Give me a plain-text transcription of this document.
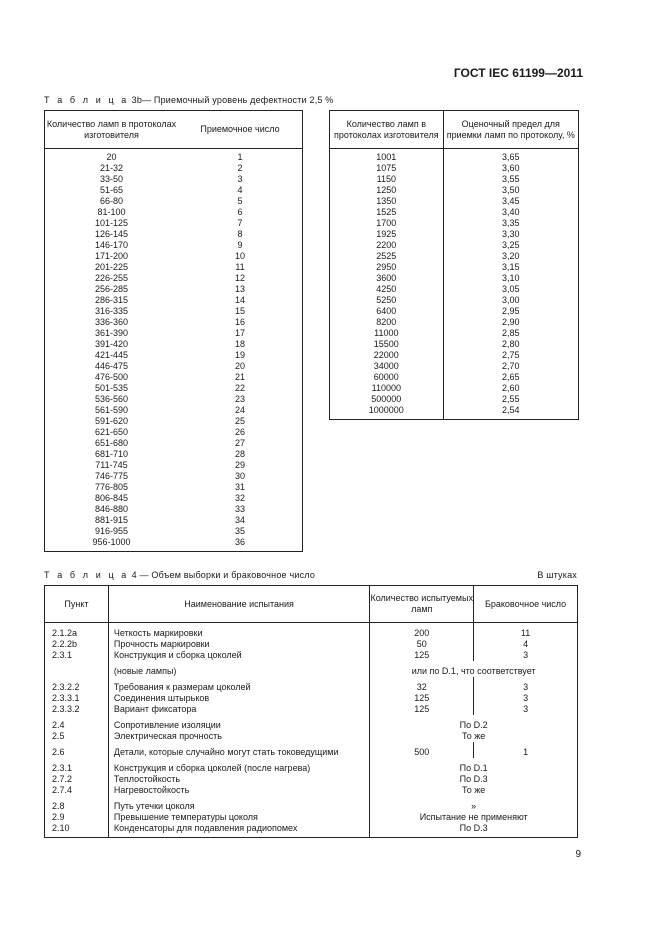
ГОСТ IEC 61199—2011
Т а б л и ц а 3b— Приемочный уровень дефектности 2,5 %
Количество ламп в протоколах изготовителя	Приемочное число
20	1
21-32	2
33-50	3
51-65	4
66-80	5
81-100	6
101-125	7
126-145	8
146-170	9
171-200	10
201-225	11
226-255	12
256-285	13
286-315	14
316-335	15
336-360	16
361-390	17
391-420	18
421-445	19
446-475	20
476-500	21
501-535	22
536-560	23
561-590	24
591-620	25
621-650	26
651-680	27
681-710	28
711-745	29
746-775	30
776-805	31
806-845	32
846-880	33
881-915	34
916-955	35
956-1000	36
Количество ламп в протоколах изготовителя	Оценочный предел для приемки ламп по протоколу, %
1001	3,65
1075	3,60
1150	3,55
1250	3,50
1350	3,45
1525	3,40
1700	3,35
1925	3,30
2200	3,25
2525	3,20
2950	3,15
3600	3,10
4250	3,05
5250	3,00
6400	2,95
8200	2,90
11000	2,85
15500	2,80
22000	2,75
34000	2,70
60000	2,65
110000	2,60
500000	2,55
1000000	2,54
Т а б л и ц а 4 — Объем выборки и браковочное число	В штуках
Пункт	Наименование испытания	Количество испытуемых ламп	Браковочное число
2.1.2a	Четкость маркировки	200	11
2.2.2b	Прочность маркировки	50	4
2.3.1	Конструкция и сборка цоколей	125	3
	(новые лампы)	или по D.1, что соответствует	
2.3.2.2	Требования к размерам цоколей	32	3
2.3.3.1	Соединения штырьков	125	3
2.3.3.2	Вариант фиксатора	125	3
2.4	Сопротивление изоляции	По D.2	
2.5	Электрическая прочность	То же	
2.6	Детали, которые случайно могут стать токоведущими	500	1
2.3.1	Конструкция и сборка цоколей (после нагрева)	По D.1	
2.7.2	Теплостойкость	По D.3	
2.7.4	Нагревостойкость	То же	
2.8	Путь утечки цоколя	»	
2.9	Превышение температуры цоколя	Испытание не применяют	
2.10	Конденсаторы для подавления радиопомех	По D.3	
9
